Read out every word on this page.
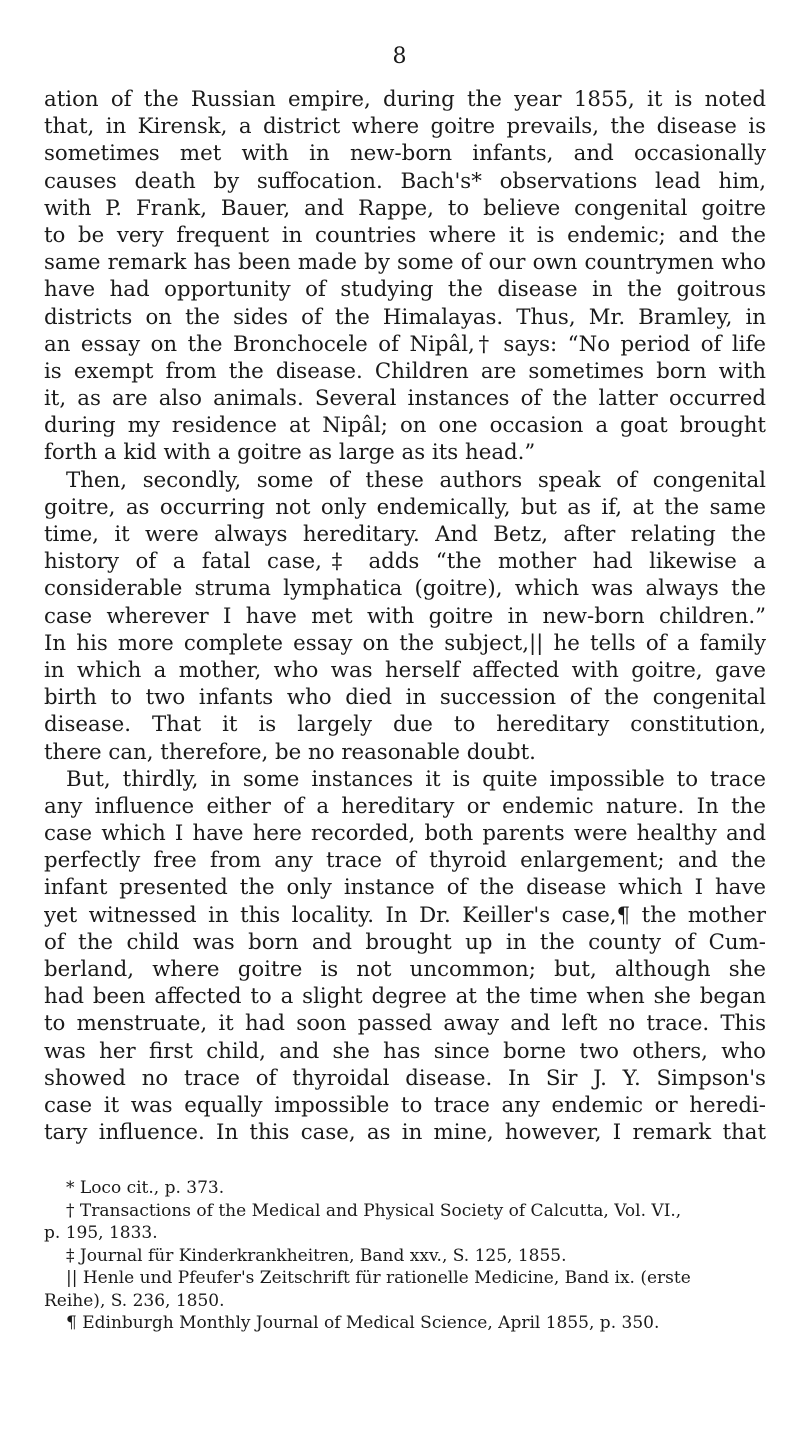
8
ation of the Russian empire, during the year 1855, it is noted
that, in Kirensk, a district where goitre prevails, the disease is
sometimes met with in new-born infants, and occasionally
causes death by suffocation. Bach's* observations lead him,
with P. Frank, Bauer, and Rappe, to believe congenital goitre
to be very frequent in countries where it is endemic; and the
same remark has been made by some of our own countrymen who
have had opportunity of studying the disease in the goitrous
districts on the sides of the Himalayas. Thus, Mr. Bramley, in
an essay on the Bronchocele of Nipâl,† says: “No period of life
is exempt from the disease. Children are sometimes born with
it, as are also animals. Several instances of the latter occurred
during my residence at Nipâl; on one occasion a goat brought
forth a kid with a goitre as large as its head.”
Then, secondly, some of these authors speak of congenital
goitre, as occurring not only endemically, but as if, at the same
time, it were always hereditary. And Betz, after relating the
history of a fatal case,‡ adds “the mother had likewise a
considerable struma lymphatica (goitre), which was always the
case wherever I have met with goitre in new-born children.”
In his more complete essay on the subject,|| he tells of a family
in which a mother, who was herself affected with goitre, gave
birth to two infants who died in succession of the congenital
disease. That it is largely due to hereditary constitution,
there can, therefore, be no reasonable doubt.
But, thirdly, in some instances it is quite impossible to trace
any influence either of a hereditary or endemic nature. In the
case which I have here recorded, both parents were healthy and
perfectly free from any trace of thyroid enlargement; and the
infant presented the only instance of the disease which I have
yet witnessed in this locality. In Dr. Keiller's case,¶ the mother
of the child was born and brought up in the county of Cum-
berland, where goitre is not uncommon; but, although she
had been affected to a slight degree at the time when she began
to menstruate, it had soon passed away and left no trace. This
was her first child, and she has since borne two others, who
showed no trace of thyroidal disease. In Sir J. Y. Simpson's
case it was equally impossible to trace any endemic or heredi-
tary influence. In this case, as in mine, however, I remark that
* Loco cit., p. 373.
† Transactions of the Medical and Physical Society of Calcutta, Vol. VI.,
p. 195, 1833.
‡ Journal für Kinderkrankheitren, Band xxv., S. 125, 1855.
|| Henle und Pfeufer's Zeitschrift für rationelle Medicine, Band ix. (erste
Reihe), S. 236, 1850.
¶ Edinburgh Monthly Journal of Medical Science, April 1855, p. 350.
